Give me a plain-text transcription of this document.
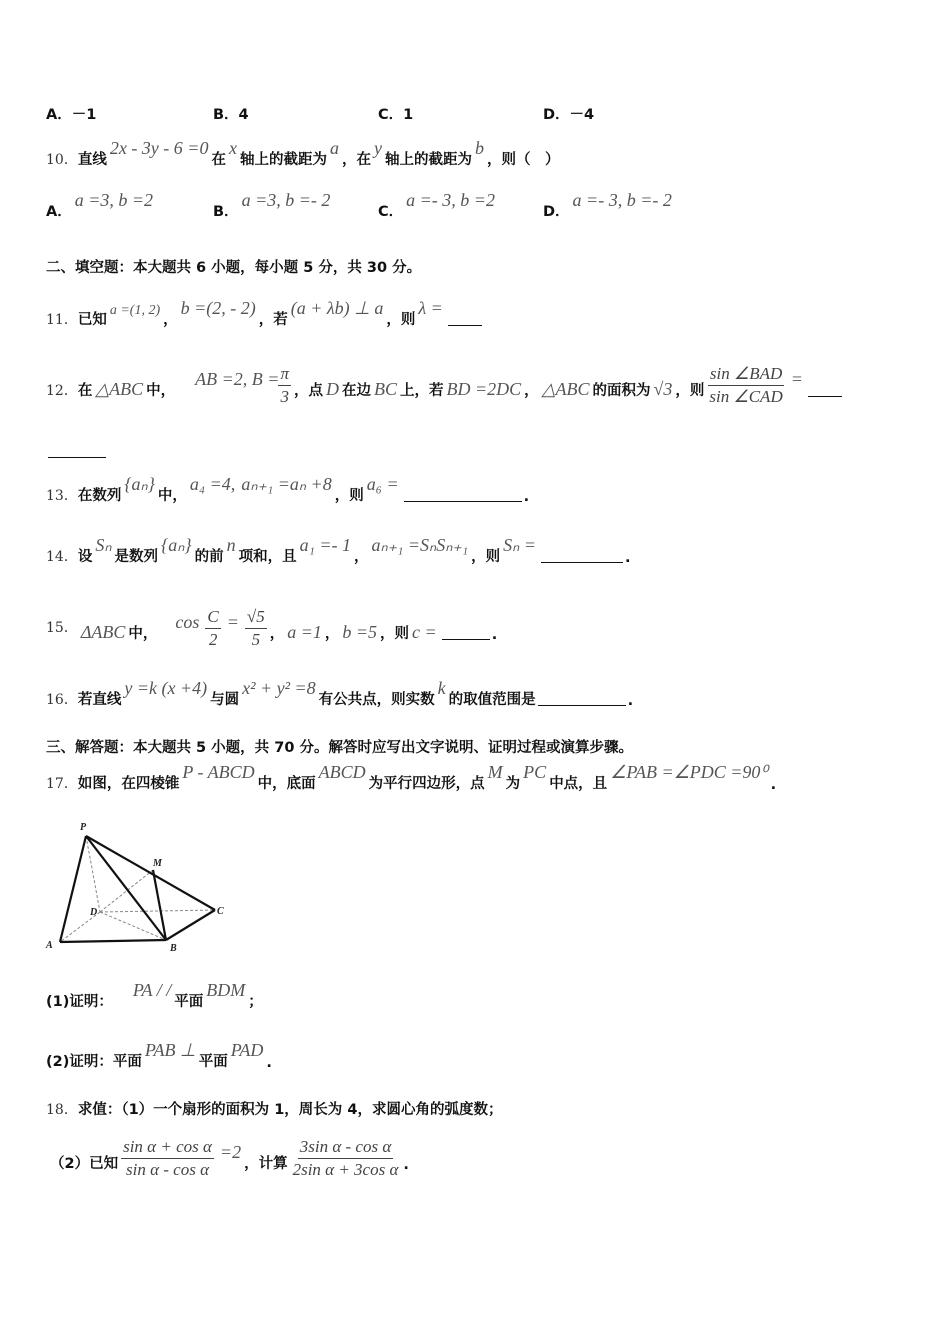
A．－1	B．4	C．1	D．－4
10． 直线
2x - 3y - 6 =0
在
x
轴上的截距为
a
，在
y
轴上的截距为
b
，则（　）
A．
a =3, b =2
B．
a =3, b =- 2
C．
a =- 3, b =2
D．
a =- 3, b =- 2
二、填空题：本大题共 6 小题，每小题 5 分，共 30 分。
11． 已知
a =(1, 2)
，
b =(2, - 2)
，若
(a + λb) ⊥ a
，则
λ =
12． 在 △ABC 中，
AB =2, $B = \frac{\pi}{3}$ ，点 D 在边 BC 上，若 BD =2DC ， △ABC 的面积为 √3 ，则 $\frac{\text{sin ∠BAD}}{\text{sin ∠CAD}}$ =
13． 在数列
{aₙ}
中，
a₄ =4, aₙ₊₁ =aₙ +8
，则
a₆ =
.
14． 设
Sₙ
是数列
{aₙ}
的前
n
项和，且
a₁ =- 1
，
aₙ₊₁ =SₙSₙ₊₁
，则
Sₙ =
.
15． ΔABC 中，
$\cos \frac{C}{2} = \frac{√5}{5}$ ， a =1 ， b =5 ，则 c =	.
16． 若直线
y =k (x +4)
与圆
x² + y² =8
有公共点，则实数
k
的取值范围是	.
三、解答题：本大题共 5 小题，共 70 分。解答时应写出文字说明、证明过程或演算步骤。
17． 如图，在四棱锥
P - ABCD
中，底面
ABCD
为平行四边形，点
M
为
PC
中点，且
∠PAB =∠PDC =90⁰
.
P
M
D	C
A	B
(1)证明：
PA / /
平面
BDM
；
(2)证明：平面
PAB ⊥
平面
PAD
.
18． 求值：（1）一个扇形的面积为 1，周长为 4，求圆心角的弧度数；
（2）已知 $\frac{\text{sin α + cos α}}{\text{sin α - cos α}} =2$
，计算 $\frac{\text{3sin α - cos α}}{\text{2sin α + 3cos α}}$ .
